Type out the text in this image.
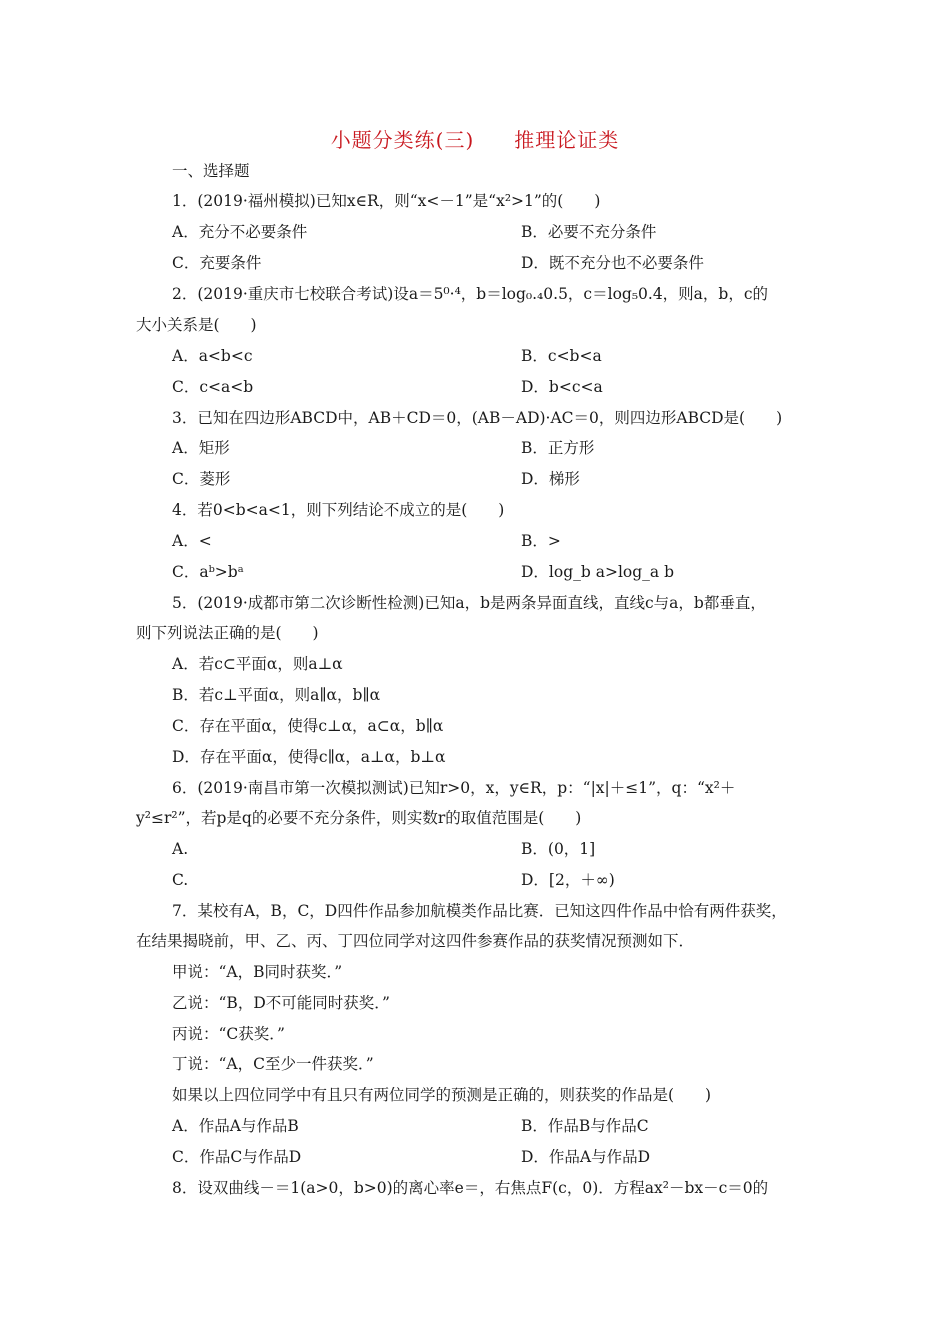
小题分类练(三) 推理论证类
一、选择题
1．(2019·福州模拟)已知x∈R，则“x<－1”是“x²>1”的(　　)
A．充分不必要条件	B．必要不充分条件
C．充要条件	D．既不充分也不必要条件
2．(2019·重庆市七校联合考试)设a＝5⁰·⁴，b＝log₀.₄0.5，c＝log₅0.4，则a，b，c的
大小关系是(　　)
A．a<b<c	B．c<b<a
C．c<a<b	D．b<c<a
3．已知在四边形ABCD中，AB＋CD＝0，(AB－AD)·AC＝0，则四边形ABCD是(　　)
A．矩形	B．正方形
C．菱形	D．梯形
4．若0<b<a<1，则下列结论不成立的是(　　)
A．<	B．>
C．aᵇ>bᵃ	D．log_b a>log_a b
5．(2019·成都市第二次诊断性检测)已知a，b是两条异面直线，直线c与a，b都垂直，
则下列说法正确的是(　　)
A．若c⊂平面α，则a⊥α
B．若c⊥平面α，则a∥α，b∥α
C．存在平面α，使得c⊥α，a⊂α，b∥α
D．存在平面α，使得c∥α，a⊥α，b⊥α
6．(2019·南昌市第一次模拟测试)已知r>0，x，y∈R，p：“|x|＋≤1”，q：“x²＋
y²≤r²”，若p是q的必要不充分条件，则实数r的取值范围是(　　)
A.	B．(0，1]
C.	D．[2，＋∞)
7．某校有A，B，C，D四件作品参加航模类作品比赛．已知这四件作品中恰有两件获奖，
在结果揭晓前，甲、乙、丙、丁四位同学对这四件参赛作品的获奖情况预测如下．
甲说：“A，B同时获奖．”
乙说：“B，D不可能同时获奖．”
丙说：“C获奖．”
丁说：“A，C至少一件获奖．”
如果以上四位同学中有且只有两位同学的预测是正确的，则获奖的作品是(　　)
A．作品A与作品B	B．作品B与作品C
C．作品C与作品D	D．作品A与作品D
8．设双曲线－＝1(a>0，b>0)的离心率e＝，右焦点F(c，0)．方程ax²－bx－c＝0的
